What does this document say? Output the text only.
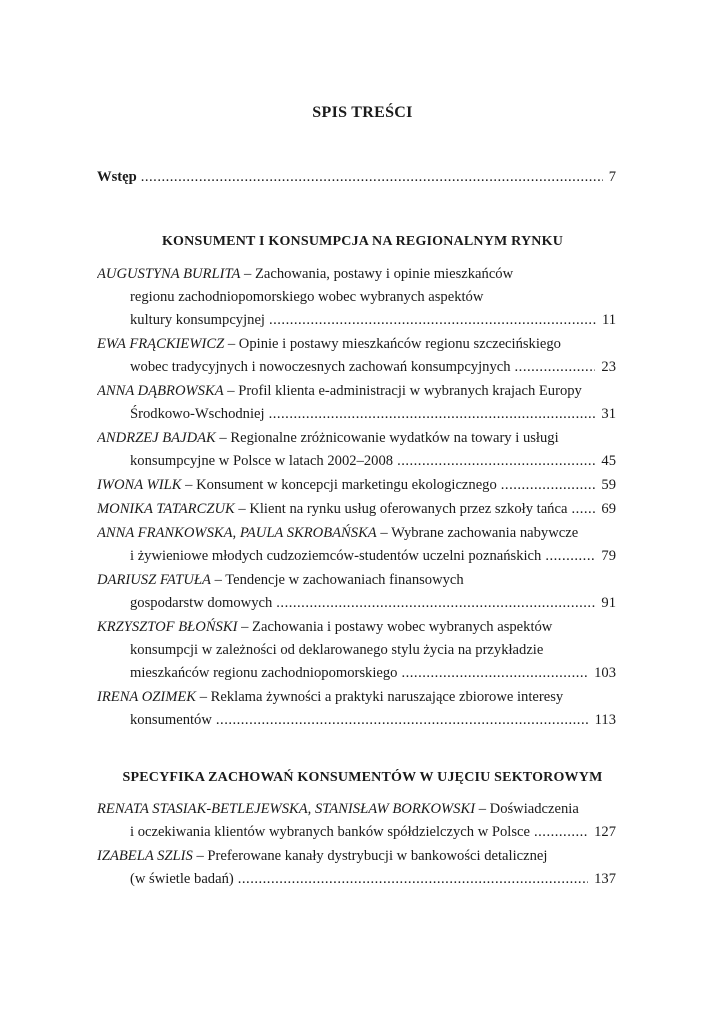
SPIS TREŚCI
Wstęp .....	7
KONSUMENT I KONSUMPCJA NA REGIONALNYM RYNKU
AUGUSTYNA BURLITA – Zachowania, postawy i opinie mieszkańców
regionu zachodniopomorskiego wobec wybranych aspektów
kultury konsumpcyjnej .....	11
EWA FRĄCKIEWICZ – Opinie i postawy mieszkańców regionu szczecińskiego
wobec tradycyjnych i nowoczesnych zachowań konsumpcyjnych .....	23
ANNA DĄBROWSKA – Profil klienta e-administracji w wybranych krajach Europy
Środkowo-Wschodniej .....	31
ANDRZEJ BAJDAK – Regionalne zróżnicowanie wydatków na towary i usługi
konsumpcyjne w Polsce w latach 2002–2008 .....	45
IWONA WILK – Konsument w koncepcji marketingu ekologicznego .....	59
MONIKA TATARCZUK – Klient na rynku usług oferowanych przez szkoły tańca ..... 69
ANNA FRANKOWSKA, PAULA SKROBAŃSKA – Wybrane zachowania nabywcze
i żywieniowe młodych cudzoziemców-studentów uczelni poznańskich .....	79
DARIUSZ FATUŁA – Tendencje w zachowaniach finansowych
gospodarstw domowych .....	91
KRZYSZTOF BŁOŃSKI – Zachowania i postawy wobec wybranych aspektów
konsumpcji w zależności od deklarowanego stylu życia na przykładzie
mieszkańców regionu zachodniopomorskiego .....	103
IRENA OZIMEK – Reklama żywności a praktyki naruszające zbiorowe interesy
konsumentów .....	113
SPECYFIKA ZACHOWAŃ KONSUMENTÓW W UJĘCIU SEKTOROWYM
RENATA STASIAK-BETLEJEWSKA, STANISŁAW BORKOWSKI – Doświadczenia
i oczekiwania klientów wybranych banków spółdzielczych w Polsce .....	127
IZABELA SZLIS – Preferowane kanały dystrybucji w bankowości detalicznej
(w świetle badań) .....	137
